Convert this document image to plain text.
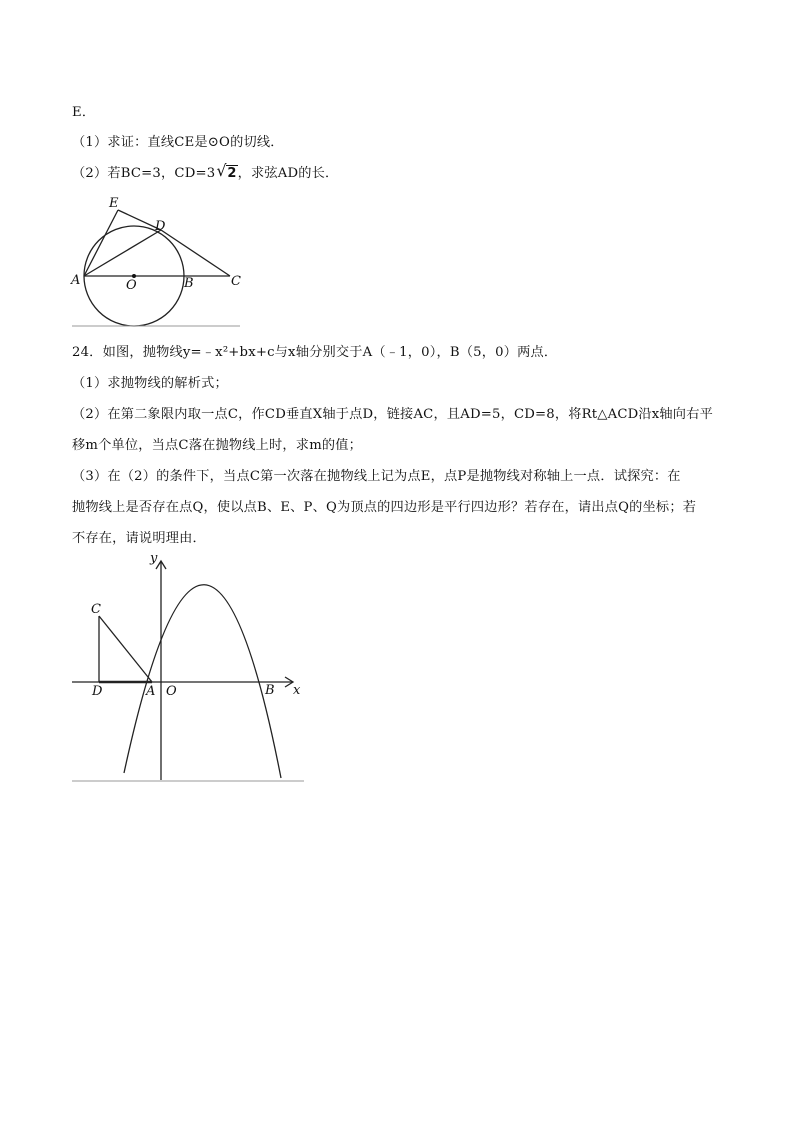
E．
（1）求证：直线CE是⊙O的切线．
（2）若BC=3，CD=3 √ 2，求弦AD的长．
E
D
A	O	B	C
24．如图，抛物线y=﹣x²+bx+c与x轴分别交于A（﹣1，0），B（5，0）两点．
（1）求抛物线的解析式；
（2）在第二象限内取一点C，作CD垂直X轴于点D，链接AC，且AD=5，CD=8，将Rt△ACD沿x轴向右平
移m个单位，当点C落在抛物线上时，求m的值；
（3）在（2）的条件下，当点C第一次落在抛物线上记为点E，点P是抛物线对称轴上一点．试探究：在
抛物线上是否存在点Q，使以点B、E、P、Q为顶点的四边形是平行四边形？若存在，请出点Q的坐标；若
不存在，请说明理由．
y
x
C
D	A O	B
